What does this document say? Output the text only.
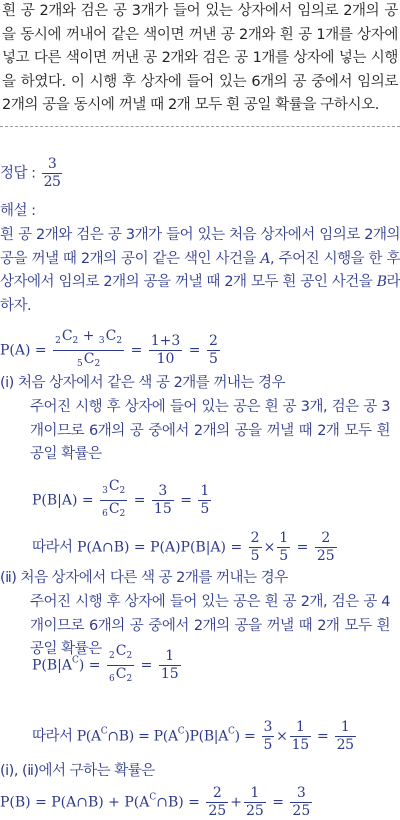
흰 공 2개와 검은 공 3개가 들어 있는 상자에서 임의로 2개의 공을 동시에 꺼내어 같은 색이면 꺼낸 공 2개와 흰 공 1개를 상자에 넣고 다른 색이면 꺼낸 공 2개와 검은 공 1개를 상자에 넣는 시행을 하였다. 이 시행 후 상자에 들어 있는 6개의 공 중에서 임의로 2개의 공을 동시에 꺼낼 때 2개 모두 흰 공일 확률을 구하시오.
정답 : $\frac{3}{25}$
해설 :
흰 공 2개와 검은 공 3개가 들어 있는 처음 상자에서 임의로 2개의 공을 꺼낼 때 2개의 공이 같은 색인 사건을 A, 주어진 시행을 한 후 상자에서 임의로 2개의 공을 꺼낼 때 2개 모두 흰 공인 사건을 B라 하자.
$P(A) = \frac{_2C_2 + _3C_2}{_5C_2} = \frac{1+3}{10} = \frac{2}{5}$
(ⅰ) 처음 상자에서 같은 색 공 2개를 꺼내는 경우
주어진 시행 후 상자에 들어 있는 공은 흰 공 3개, 검은 공 3개이므로 6개의 공 중에서 2개의 공을 꺼낼 때 2개 모두 흰 공일 확률은
$P(B|A) = \frac{_3C_2}{_6C_2} = \frac{3}{15} = \frac{1}{5}$
따라서 P(A∩B) = $P(A)P(B|A) = \frac{2}{5} \times \frac{1}{5} = \frac{2}{25}$
(ⅱ) 처음 상자에서 다른 색 공 2개를 꺼내는 경우
주어진 시행 후 상자에 들어 있는 공은 흰 공 2개, 검은 공 4개이므로 6개의 공 중에서 2개의 공을 꺼낼 때 2개 모두 흰 공일 확률은
$P(B|A^C) = \frac{_2C_2}{_6C_2} = \frac{1}{15}$
따라서 $P(A^C\cap B) = P(A^C)P(B|A^C) = \frac{3}{5} \times \frac{1}{15} = \frac{1}{25}$
(ⅰ), (ⅱ)에서 구하는 확률은
P(B) = P(A∩B) + $P(A^C\cap B) = \frac{2}{25} + \frac{1}{25} = \frac{3}{25}$
